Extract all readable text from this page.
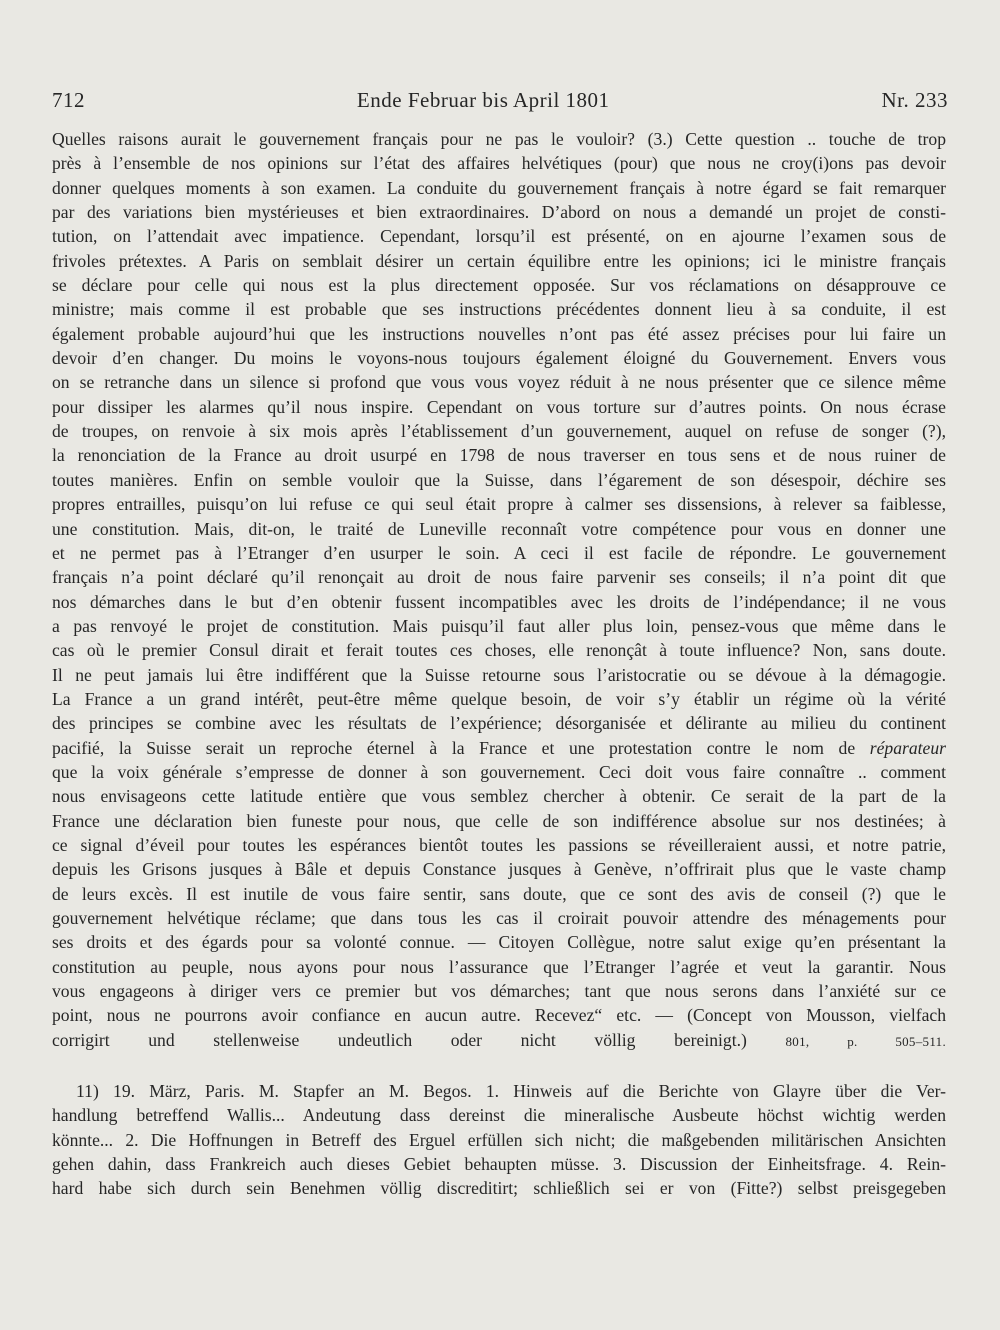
712	Ende Februar bis April 1801	Nr. 233
Quelles raisons aurait le gouvernement français pour ne pas le vouloir? (3.) Cette question .. touche de trop
près à l’ensemble de nos opinions sur l’état des affaires helvétiques (pour) que nous ne croy(i)ons pas devoir
donner quelques moments à son examen. La conduite du gouvernement français à notre égard se fait remarquer
par des variations bien mystérieuses et bien extraordinaires. D’abord on nous a demandé un projet de consti-
tution, on l’attendait avec impatience. Cependant, lorsqu’il est présenté, on en ajourne l’examen sous de
frivoles prétextes. A Paris on semblait désirer un certain équilibre entre les opinions; ici le ministre français
se déclare pour celle qui nous est la plus directement opposée. Sur vos réclamations on désapprouve ce
ministre; mais comme il est probable que ses instructions précédentes donnent lieu à sa conduite, il est
également probable aujourd’hui que les instructions nouvelles n’ont pas été assez précises pour lui faire un
devoir d’en changer. Du moins le voyons-nous toujours également éloigné du Gouvernement. Envers vous
on se retranche dans un silence si profond que vous vous voyez réduit à ne nous présenter que ce silence même
pour dissiper les alarmes qu’il nous inspire. Cependant on vous torture sur d’autres points. On nous écrase
de troupes, on renvoie à six mois après l’établissement d’un gouvernement, auquel on refuse de songer (?),
la renonciation de la France au droit usurpé en 1798 de nous traverser en tous sens et de nous ruiner de
toutes manières. Enfin on semble vouloir que la Suisse, dans l’égarement de son désespoir, déchire ses
propres entrailles, puisqu’on lui refuse ce qui seul était propre à calmer ses dissensions, à relever sa faiblesse,
une constitution. Mais, dit-on, le traité de Luneville reconnaît votre compétence pour vous en donner une
et ne permet pas à l’Etranger d’en usurper le soin. A ceci il est facile de répondre. Le gouvernement
français n’a point déclaré qu’il renonçait au droit de nous faire parvenir ses conseils; il n’a point dit que
nos démarches dans le but d’en obtenir fussent incompatibles avec les droits de l’indépendance; il ne vous
a pas renvoyé le projet de constitution. Mais puisqu’il faut aller plus loin, pensez-vous que même dans le
cas où le premier Consul dirait et ferait toutes ces choses, elle renonçât à toute influence? Non, sans doute.
Il ne peut jamais lui être indifférent que la Suisse retourne sous l’aristocratie ou se dévoue à la démagogie.
La France a un grand intérêt, peut-être même quelque besoin, de voir s’y établir un régime où la vérité
des principes se combine avec les résultats de l’expérience; désorganisée et délirante au milieu du continent
pacifié, la Suisse serait un reproche éternel à la France et une protestation contre le nom de réparateur
que la voix générale s’empresse de donner à son gouvernement. Ceci doit vous faire connaître .. comment
nous envisageons cette latitude entière que vous semblez chercher à obtenir. Ce serait de la part de la
France une déclaration bien funeste pour nous, que celle de son indifférence absolue sur nos destinées; à
ce signal d’éveil pour toutes les espérances bientôt toutes les passions se réveilleraient aussi, et notre patrie,
depuis les Grisons jusques à Bâle et depuis Constance jusques à Genève, n’offrirait plus que le vaste champ
de leurs excès. Il est inutile de vous faire sentir, sans doute, que ce sont des avis de conseil (?) que le
gouvernement helvétique réclame; que dans tous les cas il croirait pouvoir attendre des ménagements pour
ses droits et des égards pour sa volonté connue. — Citoyen Collègue, notre salut exige qu’en présentant la
constitution au peuple, nous ayons pour nous l’assurance que l’Etranger l’agrée et veut la garantir. Nous
vous engageons à diriger vers ce premier but vos démarches; tant que nous serons dans l’anxiété sur ce
point, nous ne pourrons avoir confiance en aucun autre. Recevez“ etc. — (Concept von Mousson, vielfach
corrigirt und stellenweise undeutlich oder nicht völlig bereinigt.)	801, p. 505–511.
11) 19. März, Paris. M. Stapfer an M. Begos. 1. Hinweis auf die Berichte von Glayre über die Ver-
handlung betreffend Wallis... Andeutung dass dereinst die mineralische Ausbeute höchst wichtig werden
könnte... 2. Die Hoffnungen in Betreff des Erguel erfüllen sich nicht; die maßgebenden militärischen Ansichten
gehen dahin, dass Frankreich auch dieses Gebiet behaupten müsse. 3. Discussion der Einheitsfrage. 4. Rein-
hard habe sich durch sein Benehmen völlig discreditirt; schließlich sei er von (Fitte?) selbst preisgegeben
